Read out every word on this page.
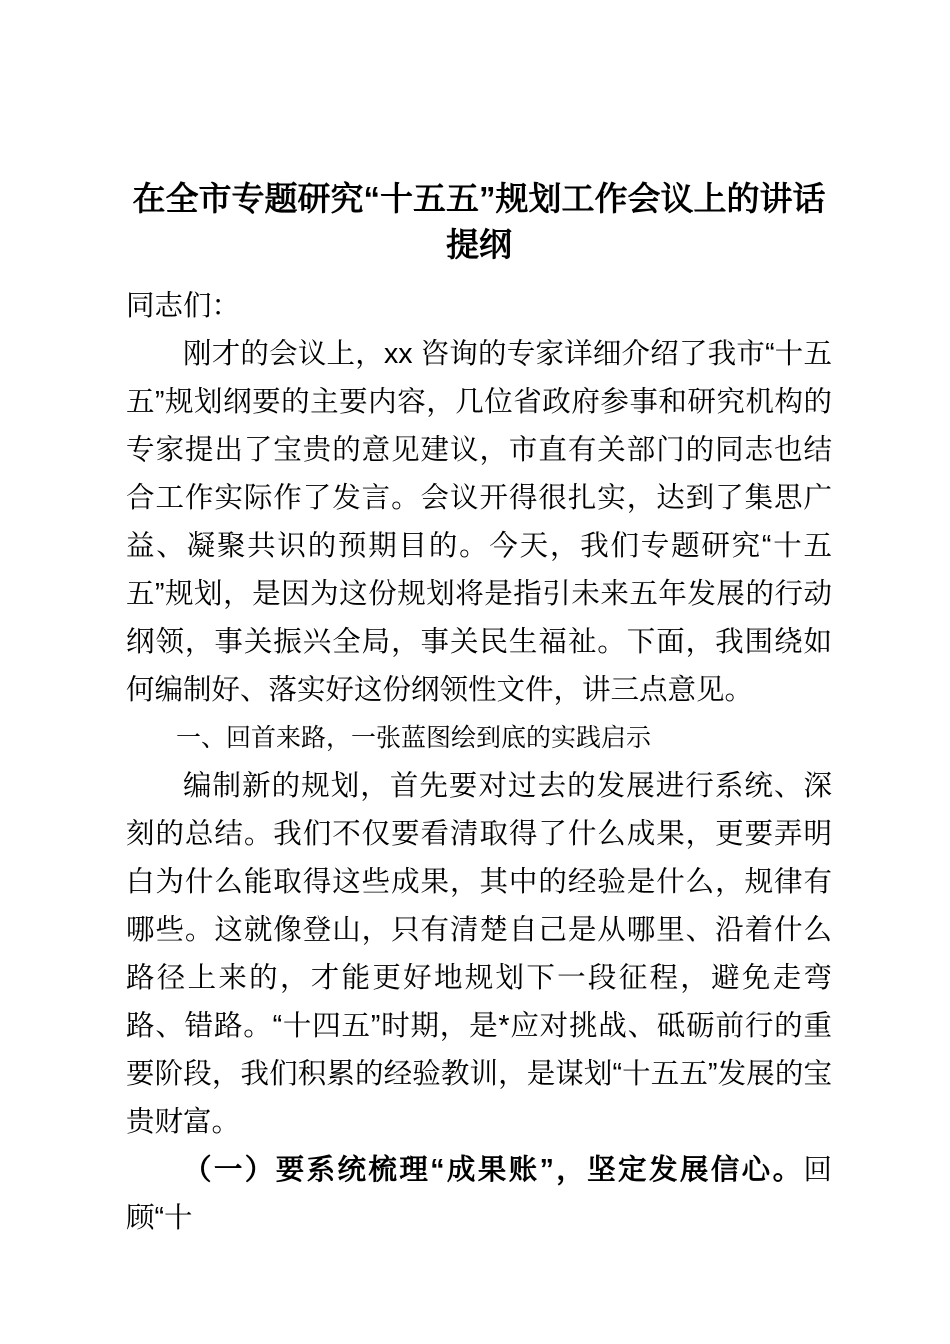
在全市专题研究“十五五”规划工作会议上的讲话提纲

同志们：

刚才的会议上，xx 咨询的专家详细介绍了我市“十五五”规划纲要的主要内容，几位省政府参事和研究机构的专家提出了宝贵的意见建议，市直有关部门的同志也结合工作实际作了发言。会议开得很扎实，达到了集思广益、凝聚共识的预期目的。今天，我们专题研究“十五五”规划，是因为这份规划将是指引未来五年发展的行动纲领，事关振兴全局，事关民生福祉。下面，我围绕如何编制好、落实好这份纲领性文件，讲三点意见。

一、回首来路，一张蓝图绘到底的实践启示

编制新的规划，首先要对过去的发展进行系统、深刻的总结。我们不仅要看清取得了什么成果，更要弄明白为什么能取得这些成果，其中的经验是什么，规律有哪些。这就像登山，只有清楚自己是从哪里、沿着什么路径上来的，才能更好地规划下一段征程，避免走弯路、错路。“十四五”时期，是*应对挑战、砥砺前行的重要阶段，我们积累的经验教训，是谋划“十五五”发展的宝贵财富。

（一）要系统梳理“成果账”，坚定发展信心。回顾“十
